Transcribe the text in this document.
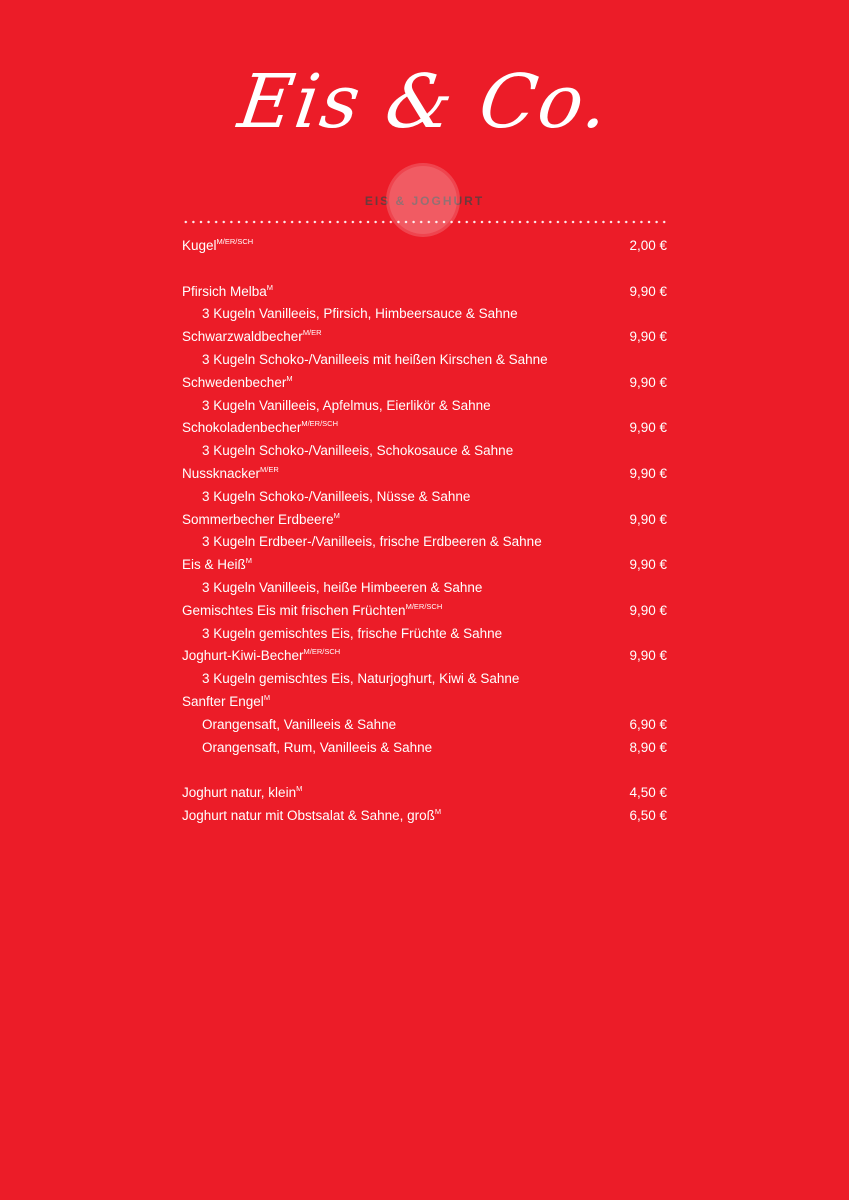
Eis & Co.
EIS & JOGHURT
Kugel$^{M/ER/SCH}$	2,00 €
Pfirsich Melba$^M$	9,90 €
3 Kugeln Vanilleeis, Pfirsich, Himbeersauce & Sahne
Schwarzwaldbecher$^{M/ER}$	9,90 €
3 Kugeln Schoko-/Vanilleeis mit heißen Kirschen & Sahne
Schwedenbecher$^M$	9,90 €
3 Kugeln Vanilleeis, Apfelmus, Eierlikör & Sahne
Schokoladenbecher$^{M/ER/SCH}$	9,90 €
3 Kugeln Schoko-/Vanilleeis, Schokosauce & Sahne
Nussknacker$^{M/ER}$	9,90 €
3 Kugeln Schoko-/Vanilleeis, Nüsse & Sahne
Sommerbecher Erdbeere$^M$	9,90 €
3 Kugeln Erdbeer-/Vanilleeis, frische Erdbeeren & Sahne
Eis & Heiß$^M$	9,90 €
3 Kugeln Vanilleeis, heiße Himbeeren & Sahne
Gemischtes Eis mit frischen Früchten$^{M/ER/SCH}$	9,90 €
3 Kugeln gemischtes Eis, frische Früchte & Sahne
Joghurt-Kiwi-Becher$^{M/ER/SCH}$	9,90 €
3 Kugeln gemischtes Eis, Naturjoghurt, Kiwi & Sahne
Sanfter Engel$^M$
Orangensaft, Vanilleeis & Sahne	6,90 €
Orangensaft, Rum, Vanilleeis & Sahne	8,90 €
Joghurt natur, klein$^M$	4,50 €
Joghurt natur mit Obstsalat & Sahne, groß$^M$	6,50 €
